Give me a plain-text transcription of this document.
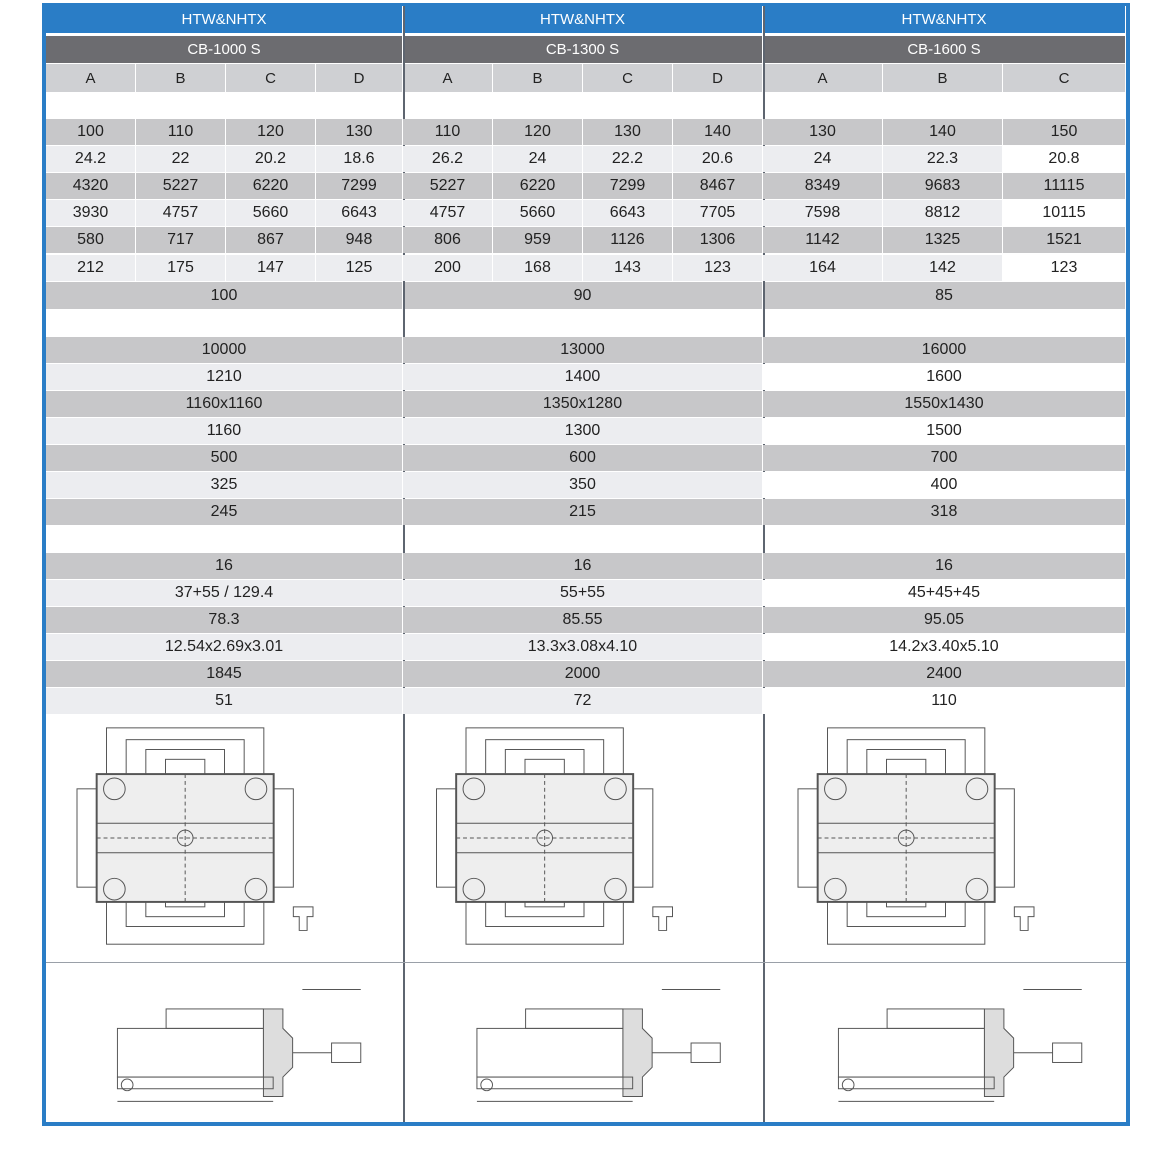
HTW&NHTX	HTW&NHTX	HTW&NHTX
CB-1000 S	CB-1300 S	CB-1600 S
A	B	C	D	A	B	C	D	A	B	C
100	90	85
100	110	120	130	110	120	130	140	130	140	150
24.2	22	20.2	18.6	26.2	24	22.2	20.6	24	22.3	20.8
4320	5227	6220	7299	5227	6220	7299	8467	8349	9683	11115
3930	4757	5660	6643	4757	5660	6643	7705	7598	8812	10115
580	717	867	948	806	959	1126	1306	1142	1325	1521
212	175	147	125	200	168	143	123	164	142	123
10000	13000	16000
1210	1400	1600
1160x1160	1350x1280	1550x1430
1160	1300	1500
500	600	700
325	350	400
245	215	318
16	16	16
37+55 / 129.4	55+55	45+45+45
78.3	85.55	95.05
12.54x2.69x3.01	13.3x3.08x4.10	14.2x3.40x5.10
1845	2000	2400
51	72	110
